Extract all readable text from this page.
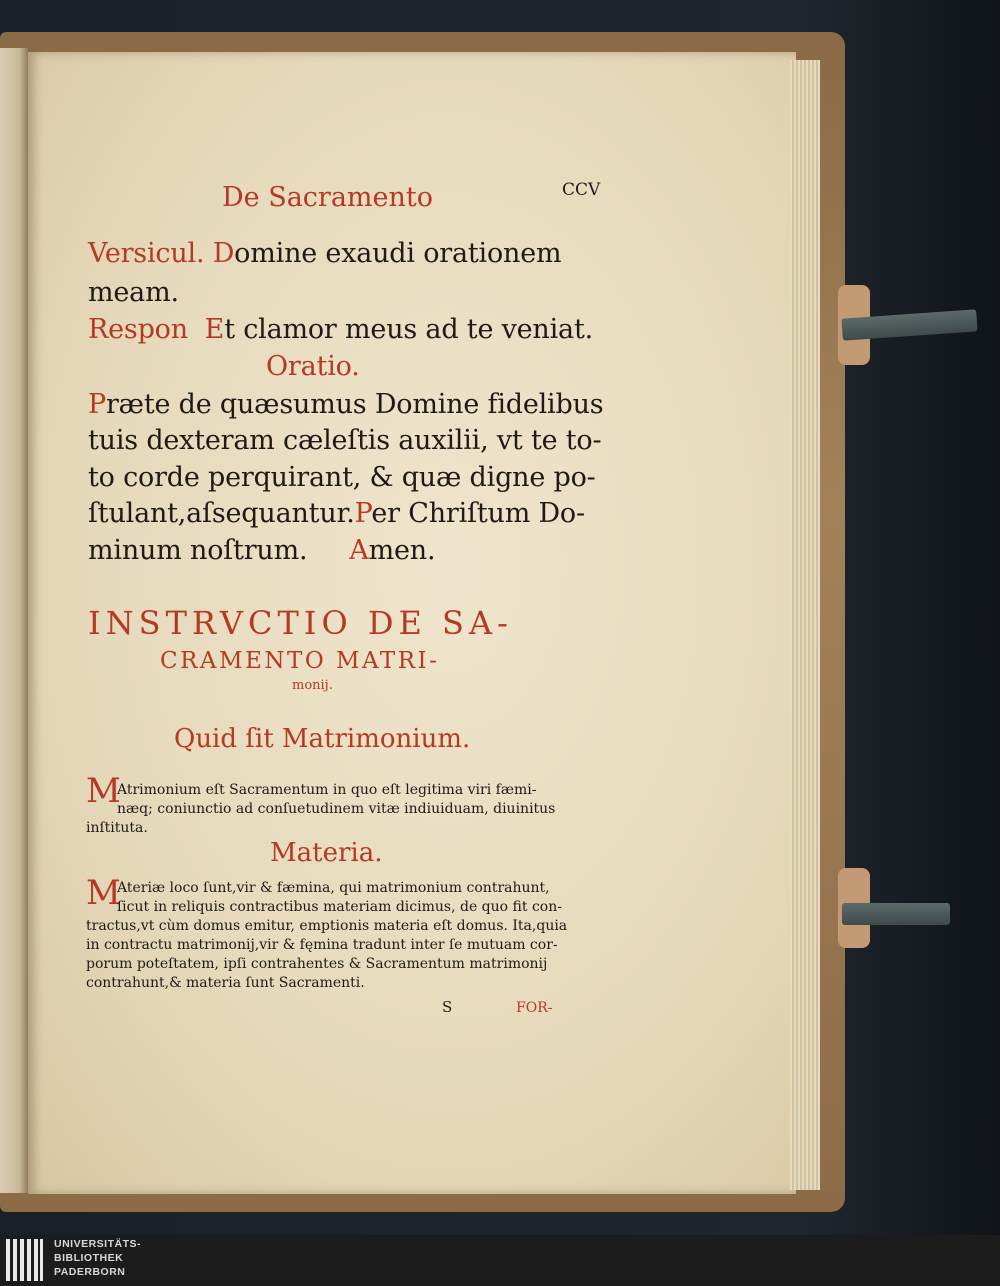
De Sacramento	CCV
Versicul. Domine exaudi orationem
meam.
Respon Et clamor meus ad te veniat.
Oratio.
Præte de quæsumus Domine fidelibus
tuis dexteram cæleſtis auxilii, vt te to-
to corde perquirant, & quæ digne po-
ſtulant,aſsequantur.Per Chriſtum Do-
minum noſtrum. Amen.
INSTRVCTIO DE SA-
CRAMENTO MATRI-
monij.
Quid ſit Matrimonium.
M
Atrimonium eſt Sacramentum in quo eſt legitima viri fæmi-
næq; coniunctio ad conſuetudinem vitæ indiuiduam, diuinitus
inſtituta.
Materia.
M
Ateriæ loco ſunt,vir & fæmina, qui matrimonium contrahunt,
ſicut in reliquis contractibus materiam dicimus, de quo fit con-
tractus,vt cùm domus emitur, emptionis materia eſt domus. Ita,quia
in contractu matrimonij,vir & fęmina tradunt inter ſe mutuam cor-
porum poteſtatem, ipſi contrahentes & Sacramentum matrimonij
contrahunt,& materia ſunt Sacramenti.
S	FOR-
UNIVERSITÄTS-
BIBLIOTHEK
PADERBORN
